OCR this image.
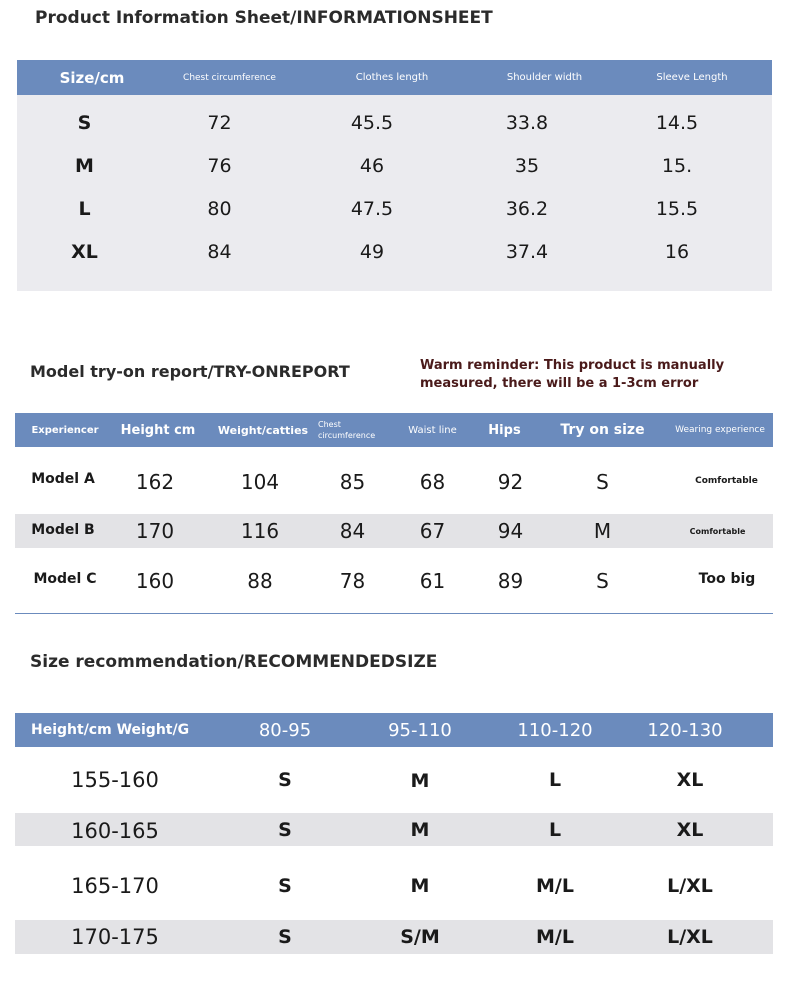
Product Information Sheet/INFORMATIONSHEET
Size/cm	Chest circumference	Clothes length	Shoulder width	Sleeve Length
S	72	45.5	33.8	14.5
M	76	46	35	15.
L	80	47.5	36.2	15.5
XL	84	49	37.4	16
Model try-on report/TRY-ONREPORT	Warm reminder: This product is manually
measured, there will be a 1-3cm error
Experiencer	Height cm	Weight/catties	Chest circumference	Waist line	Hips	Try on size	Wearing experience
Model A	162	104	85	68	92	S	Comfortable
Model B	170	116	84	67	94	M	Comfortable
Model C	160	88	78	61	89	S	Too big
Size recommendation/RECOMMENDEDSIZE
Height/cm Weight/G	80-95	95-110	110-120	120-130
155-160	S	M	L	XL
160-165	S	M	L	XL
165-170	S	M	M/L	L/XL
170-175	S	S/M	M/L	L/XL
